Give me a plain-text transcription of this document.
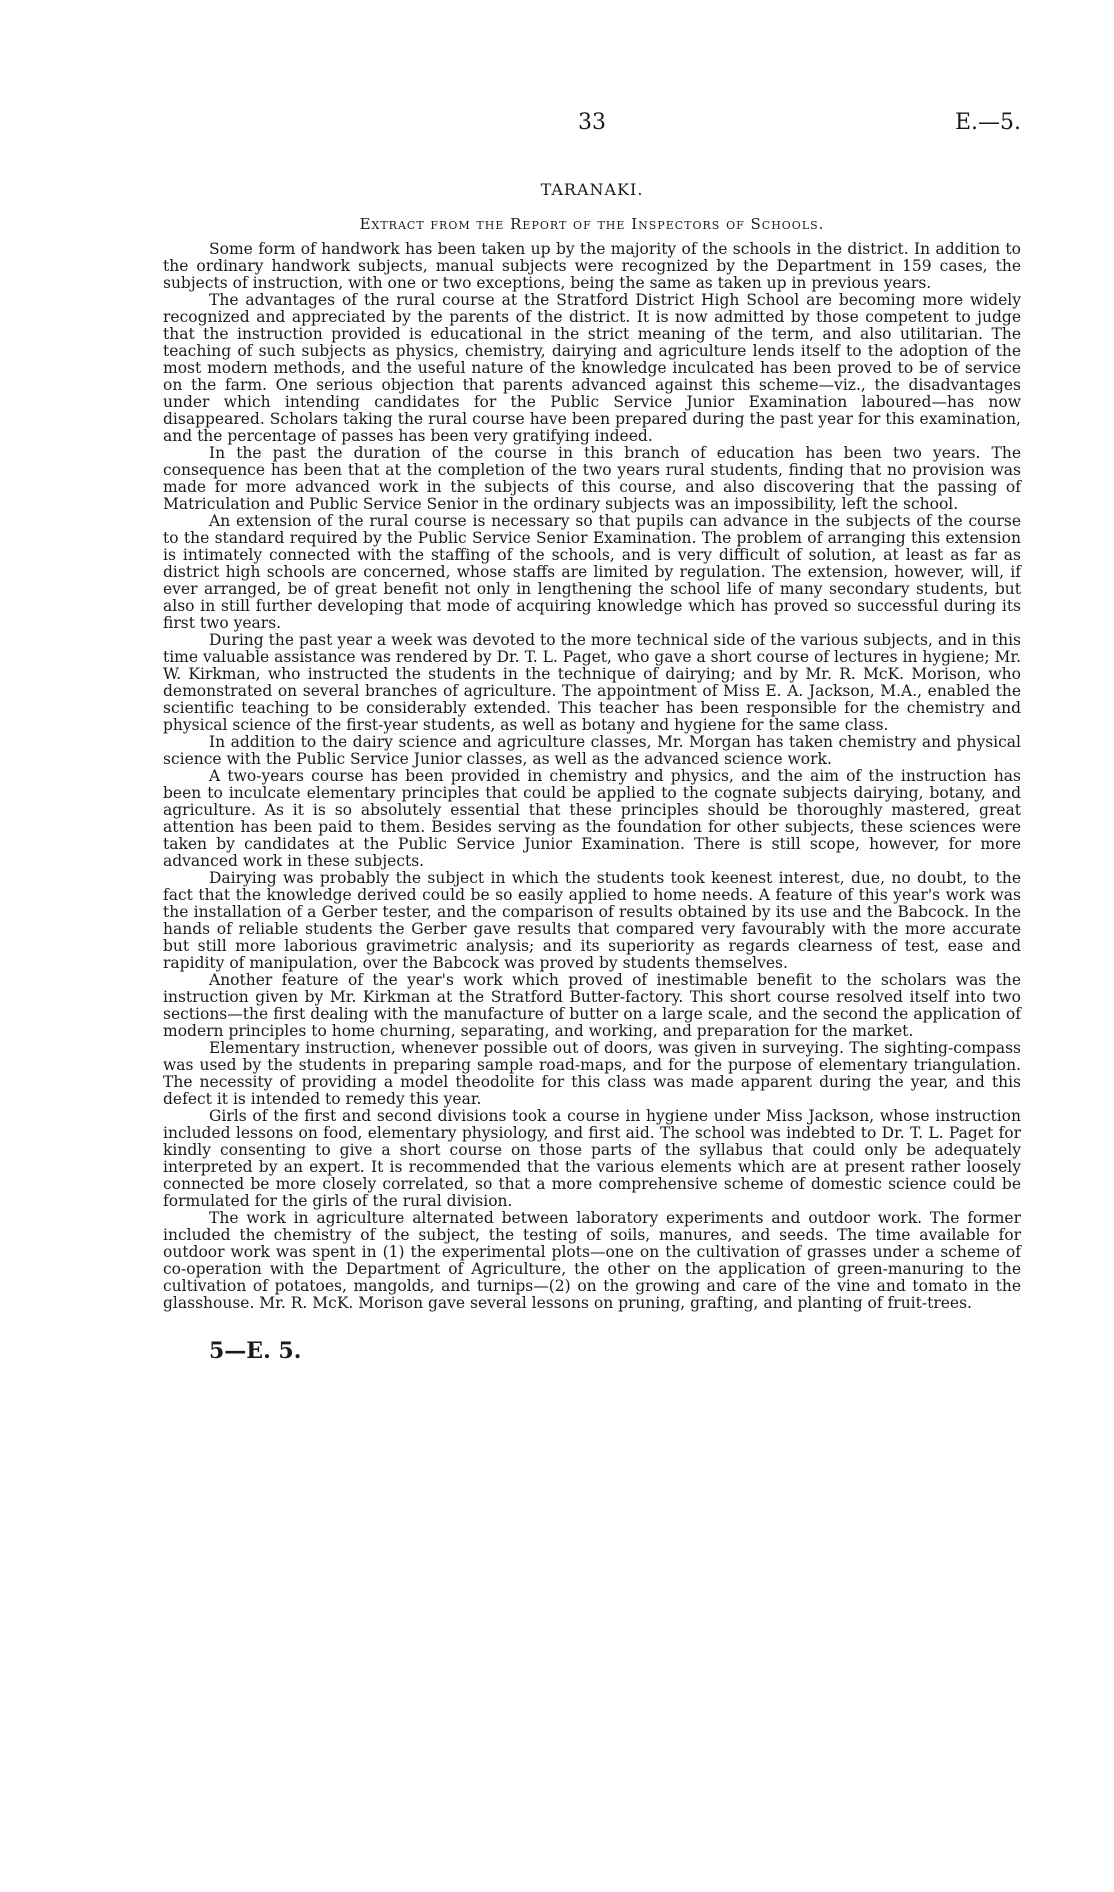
33	E.—5.
TARANAKI.
Extract from the Report of the Inspectors of Schools.

Some form of handwork has been taken up by the majority of the schools in the district. In addition to the ordinary handwork subjects, manual subjects were recognized by the Department in 159 cases, the subjects of instruction, with one or two exceptions, being the same as taken up in previous years.

The advantages of the rural course at the Stratford District High School are becoming more widely recognized and appreciated by the parents of the district. It is now admitted by those competent to judge that the instruction provided is educational in the strict meaning of the term, and also utilitarian. The teaching of such subjects as physics, chemistry, dairying and agriculture lends itself to the adoption of the most modern methods, and the useful nature of the knowledge inculcated has been proved to be of service on the farm. One serious objection that parents advanced against this scheme—viz., the disadvantages under which intending candidates for the Public Service Junior Examination laboured—has now disappeared. Scholars taking the rural course have been prepared during the past year for this examination, and the percentage of passes has been very gratifying indeed.

In the past the duration of the course in this branch of education has been two years. The consequence has been that at the completion of the two years rural students, finding that no provision was made for more advanced work in the subjects of this course, and also discovering that the passing of Matriculation and Public Service Senior in the ordinary subjects was an impossibility, left the school.

An extension of the rural course is necessary so that pupils can advance in the subjects of the course to the standard required by the Public Service Senior Examination. The problem of arranging this extension is intimately connected with the staffing of the schools, and is very difficult of solution, at least as far as district high schools are concerned, whose staffs are limited by regulation. The extension, however, will, if ever arranged, be of great benefit not only in lengthening the school life of many secondary students, but also in still further developing that mode of acquiring knowledge which has proved so successful during its first two years.

During the past year a week was devoted to the more technical side of the various subjects, and in this time valuable assistance was rendered by Dr. T. L. Paget, who gave a short course of lectures in hygiene; Mr. W. Kirkman, who instructed the students in the technique of dairying; and by Mr. R. McK. Morison, who demonstrated on several branches of agriculture. The appointment of Miss E. A. Jackson, M.A., enabled the scientific teaching to be considerably extended. This teacher has been responsible for the chemistry and physical science of the first-year students, as well as botany and hygiene for the same class.

In addition to the dairy science and agriculture classes, Mr. Morgan has taken chemistry and physical science with the Public Service Junior classes, as well as the advanced science work.

A two-years course has been provided in chemistry and physics, and the aim of the instruction has been to inculcate elementary principles that could be applied to the cognate subjects dairying, botany, and agriculture. As it is so absolutely essential that these principles should be thoroughly mastered, great attention has been paid to them. Besides serving as the foundation for other subjects, these sciences were taken by candidates at the Public Service Junior Examination. There is still scope, however, for more advanced work in these subjects.

Dairying was probably the subject in which the students took keenest interest, due, no doubt, to the fact that the knowledge derived could be so easily applied to home needs. A feature of this year's work was the installation of a Gerber tester, and the comparison of results obtained by its use and the Babcock. In the hands of reliable students the Gerber gave results that compared very favourably with the more accurate but still more laborious gravimetric analysis; and its superiority as regards clearness of test, ease and rapidity of manipulation, over the Babcock was proved by students themselves.

Another feature of the year's work which proved of inestimable benefit to the scholars was the instruction given by Mr. Kirkman at the Stratford Butter-factory. This short course resolved itself into two sections—the first dealing with the manufacture of butter on a large scale, and the second the application of modern principles to home churning, separating, and working, and preparation for the market.

Elementary instruction, whenever possible out of doors, was given in surveying. The sighting-compass was used by the students in preparing sample road-maps, and for the purpose of elementary triangulation. The necessity of providing a model theodolite for this class was made apparent during the year, and this defect it is intended to remedy this year.

Girls of the first and second divisions took a course in hygiene under Miss Jackson, whose instruction included lessons on food, elementary physiology, and first aid. The school was indebted to Dr. T. L. Paget for kindly consenting to give a short course on those parts of the syllabus that could only be adequately interpreted by an expert. It is recommended that the various elements which are at present rather loosely connected be more closely correlated, so that a more comprehensive scheme of domestic science could be formulated for the girls of the rural division.

The work in agriculture alternated between laboratory experiments and outdoor work. The former included the chemistry of the subject, the testing of soils, manures, and seeds. The time available for outdoor work was spent in (1) the experimental plots—one on the cultivation of grasses under a scheme of co-operation with the Department of Agriculture, the other on the application of green-manuring to the cultivation of potatoes, mangolds, and turnips—(2) on the growing and care of the vine and tomato in the glasshouse. Mr. R. McK. Morison gave several lessons on pruning, grafting, and planting of fruit-trees.

5—E. 5.
